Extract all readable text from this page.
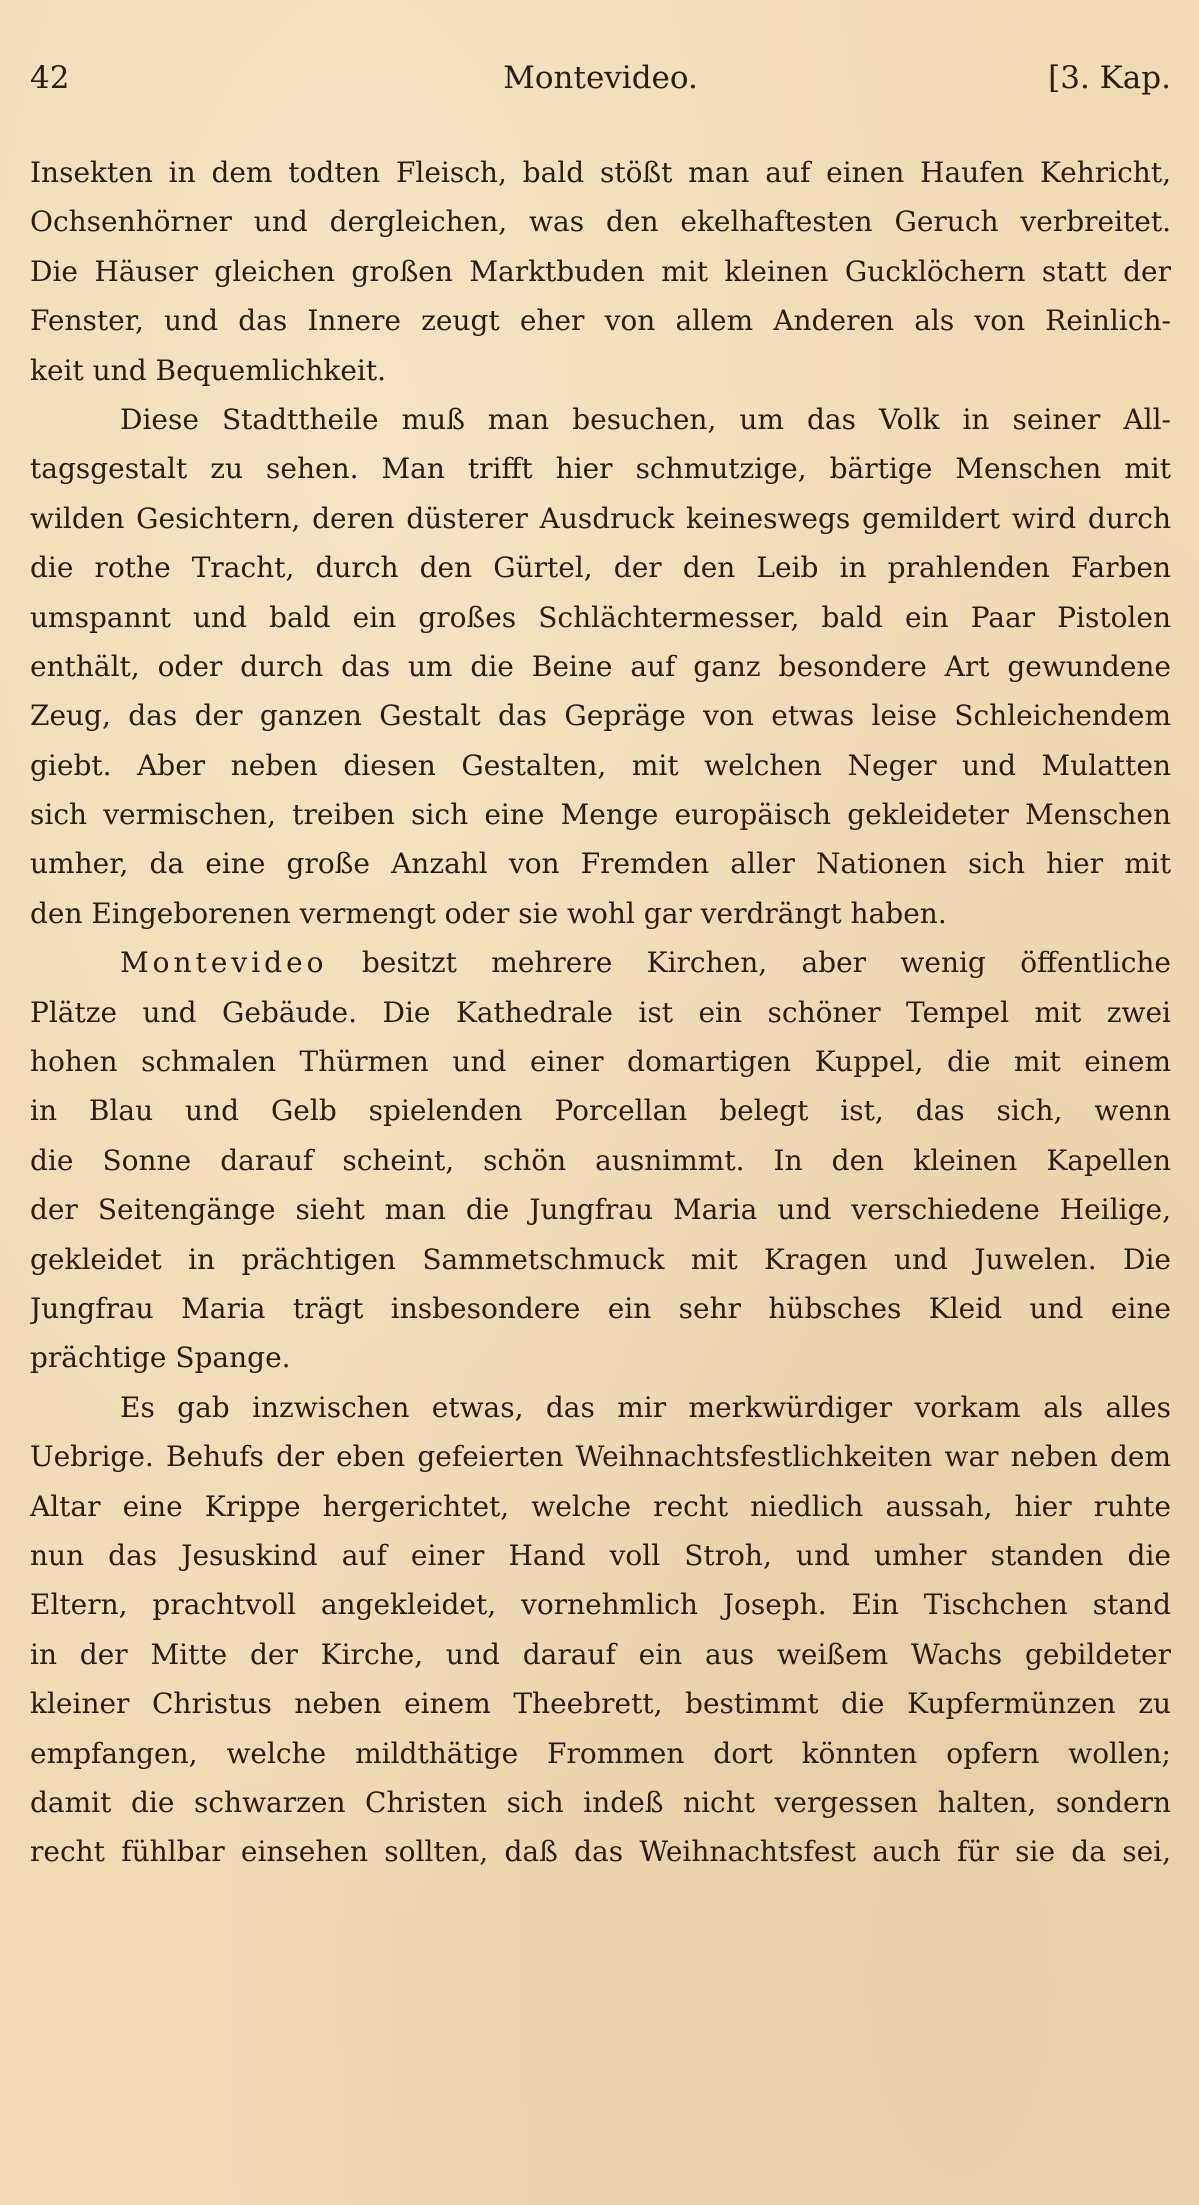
42	Montevideo.	[3. Kap.
Insekten in dem todten Fleisch, bald stößt man auf einen Haufen Kehricht,
Ochsenhörner und dergleichen, was den ekelhaftesten Geruch verbreitet.
Die Häuser gleichen großen Marktbuden mit kleinen Gucklöchern statt der
Fenster, und das Innere zeugt eher von allem Anderen als von Reinlich-
keit und Bequemlichkeit.
Diese Stadttheile muß man besuchen, um das Volk in seiner All-
tagsgestalt zu sehen. Man trifft hier schmutzige, bärtige Menschen mit
wilden Gesichtern, deren düsterer Ausdruck keineswegs gemildert wird durch
die rothe Tracht, durch den Gürtel, der den Leib in prahlenden Farben
umspannt und bald ein großes Schlächtermesser, bald ein Paar Pistolen
enthält, oder durch das um die Beine auf ganz besondere Art gewundene
Zeug, das der ganzen Gestalt das Gepräge von etwas leise Schleichendem
giebt. Aber neben diesen Gestalten, mit welchen Neger und Mulatten
sich vermischen, treiben sich eine Menge europäisch gekleideter Menschen
umher, da eine große Anzahl von Fremden aller Nationen sich hier mit
den Eingeborenen vermengt oder sie wohl gar verdrängt haben.
Montevideo besitzt mehrere Kirchen, aber wenig öffentliche
Plätze und Gebäude. Die Kathedrale ist ein schöner Tempel mit zwei
hohen schmalen Thürmen und einer domartigen Kuppel, die mit einem
in Blau und Gelb spielenden Porcellan belegt ist, das sich, wenn
die Sonne darauf scheint, schön ausnimmt. In den kleinen Kapellen
der Seitengänge sieht man die Jungfrau Maria und verschiedene Heilige,
gekleidet in prächtigen Sammetschmuck mit Kragen und Juwelen. Die
Jungfrau Maria trägt insbesondere ein sehr hübsches Kleid und eine
prächtige Spange.
Es gab inzwischen etwas, das mir merkwürdiger vorkam als alles
Uebrige. Behufs der eben gefeierten Weihnachtsfestlichkeiten war neben dem
Altar eine Krippe hergerichtet, welche recht niedlich aussah, hier ruhte
nun das Jesuskind auf einer Hand voll Stroh, und umher standen die
Eltern, prachtvoll angekleidet, vornehmlich Joseph. Ein Tischchen stand
in der Mitte der Kirche, und darauf ein aus weißem Wachs gebildeter
kleiner Christus neben einem Theebrett, bestimmt die Kupfermünzen zu
empfangen, welche mildthätige Frommen dort könnten opfern wollen;
damit die schwarzen Christen sich indeß nicht vergessen halten, sondern
recht fühlbar einsehen sollten, daß das Weihnachtsfest auch für sie da sei,
